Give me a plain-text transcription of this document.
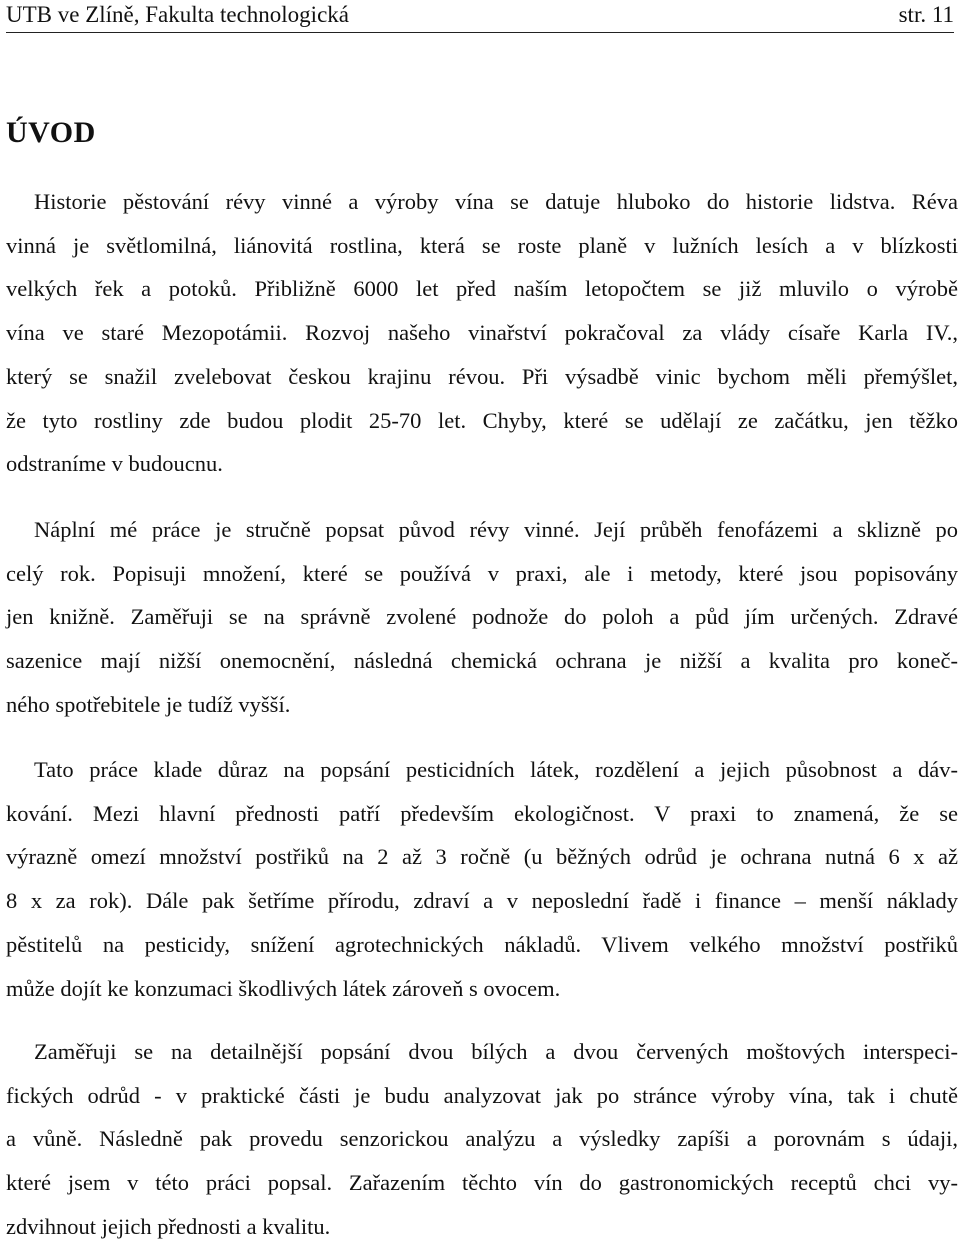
UTB ve Zlíně, Fakulta technologická	str. 11
ÚVOD
Historie pěstování révy vinné a výroby vína se datuje hluboko do historie lidstva. Réva
vinná je světlomilná, liánovitá rostlina, která se roste planě v lužních lesích a v blízkosti
velkých řek a potoků. Přibližně 6000 let před naším letopočtem se již mluvilo o výrobě
vína ve staré Mezopotámii. Rozvoj našeho vinařství pokračoval za vlády císaře Karla IV.,
který se snažil zvelebovat českou krajinu révou. Při výsadbě vinic bychom měli přemýšlet,
že tyto rostliny zde budou plodit 25-70 let. Chyby, které se udělají ze začátku, jen těžko
odstraníme v budoucnu.
Náplní mé práce je stručně popsat původ révy vinné. Její průběh fenofázemi a sklizně po
celý rok. Popisuji množení, které se používá v praxi, ale i metody, které jsou popisovány
jen knižně. Zaměřuji se na správně zvolené podnože do poloh a půd jím určených. Zdravé
sazenice mají nižší onemocnění, následná chemická ochrana je nižší a kvalita pro koneč-
ného spotřebitele je tudíž vyšší.
Tato práce klade důraz na popsání pesticidních látek, rozdělení a jejich působnost a dáv-
kování. Mezi hlavní přednosti patří především ekologičnost. V praxi to znamená, že se
výrazně omezí množství postřiků na 2 až 3 ročně (u běžných odrůd je ochrana nutná 6 x až
8 x za rok). Dále pak šetříme přírodu, zdraví a v neposlední řadě i finance – menší náklady
pěstitelů na pesticidy, snížení agrotechnických nákladů. Vlivem velkého množství postřiků
může dojít ke konzumaci škodlivých látek zároveň s ovocem.
Zaměřuji se na detailnější popsání dvou bílých a dvou červených moštových interspeci-
fických odrůd - v praktické části je budu analyzovat jak po stránce výroby vína, tak i chutě
a vůně. Následně pak provedu senzorickou analýzu a výsledky zapíši a porovnám s údaji,
které jsem v této práci popsal. Zařazením těchto vín do gastronomických receptů chci vy-
zdvihnout jejich přednosti a kvalitu.
